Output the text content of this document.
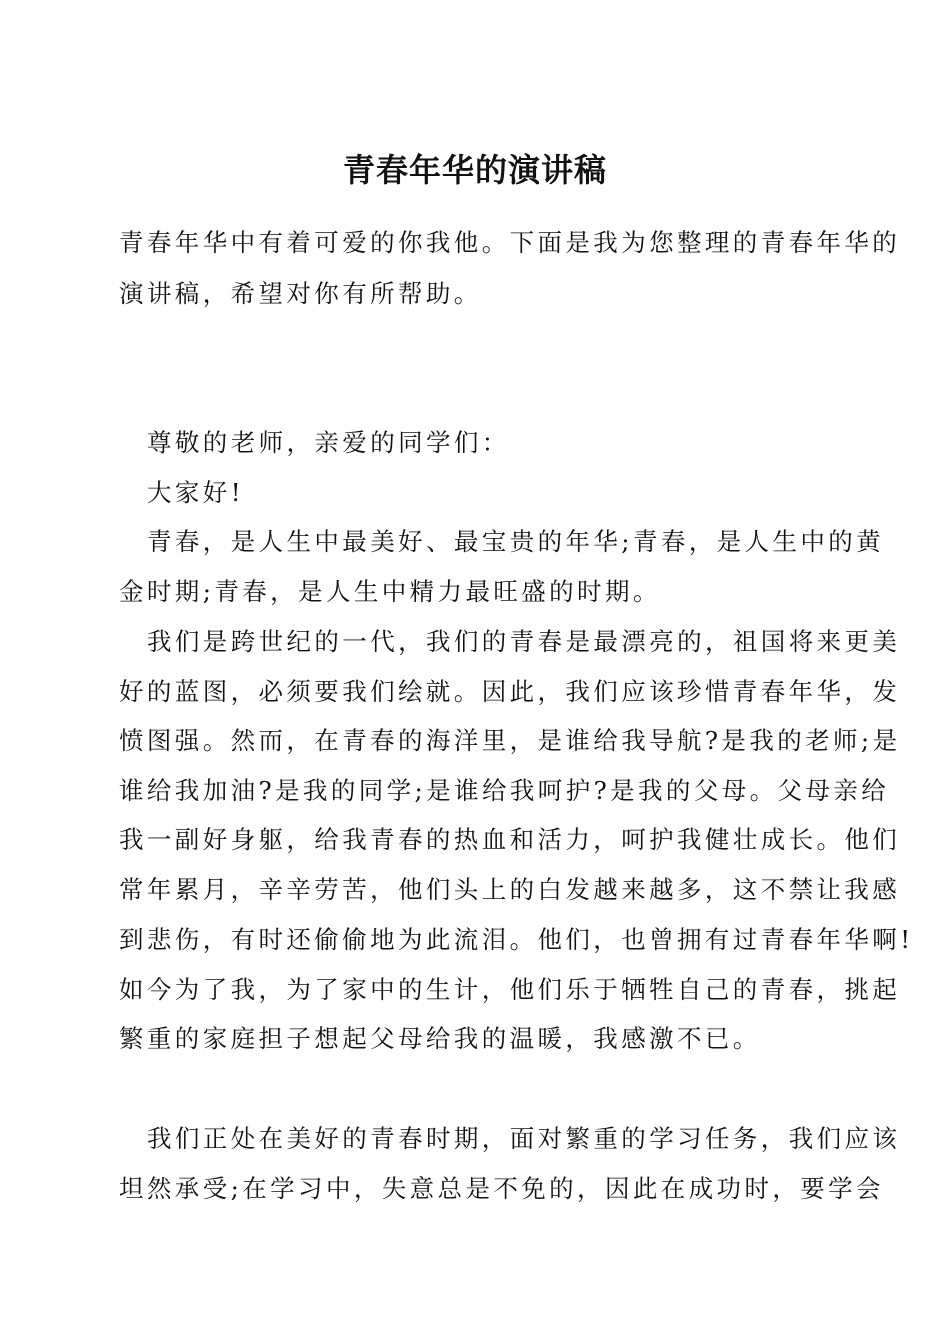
青春年华的演讲稿
青春年华中有着可爱的你我他。下面是我为您整理的青春年华的
演讲稿，希望对你有所帮助。
尊敬的老师，亲爱的同学们：
大家好!
青春，是人生中最美好、最宝贵的年华;青春，是人生中的黄
金时期;青春，是人生中精力最旺盛的时期。
我们是跨世纪的一代，我们的青春是最漂亮的，祖国将来更美
好的蓝图，必须要我们绘就。因此，我们应该珍惜青春年华，发
愤图强。然而，在青春的海洋里，是谁给我导航?是我的老师;是
谁给我加油?是我的同学;是谁给我呵护?是我的父母。父母亲给
我一副好身躯，给我青春的热血和活力，呵护我健壮成长。他们
常年累月，辛辛劳苦，他们头上的白发越来越多，这不禁让我感
到悲伤，有时还偷偷地为此流泪。他们，也曾拥有过青春年华啊!
如今为了我，为了家中的生计，他们乐于牺牲自己的青春，挑起
繁重的家庭担子想起父母给我的温暖，我感激不已。
我们正处在美好的青春时期，面对繁重的学习任务，我们应该
坦然承受;在学习中，失意总是不免的，因此在成功时，要学会
